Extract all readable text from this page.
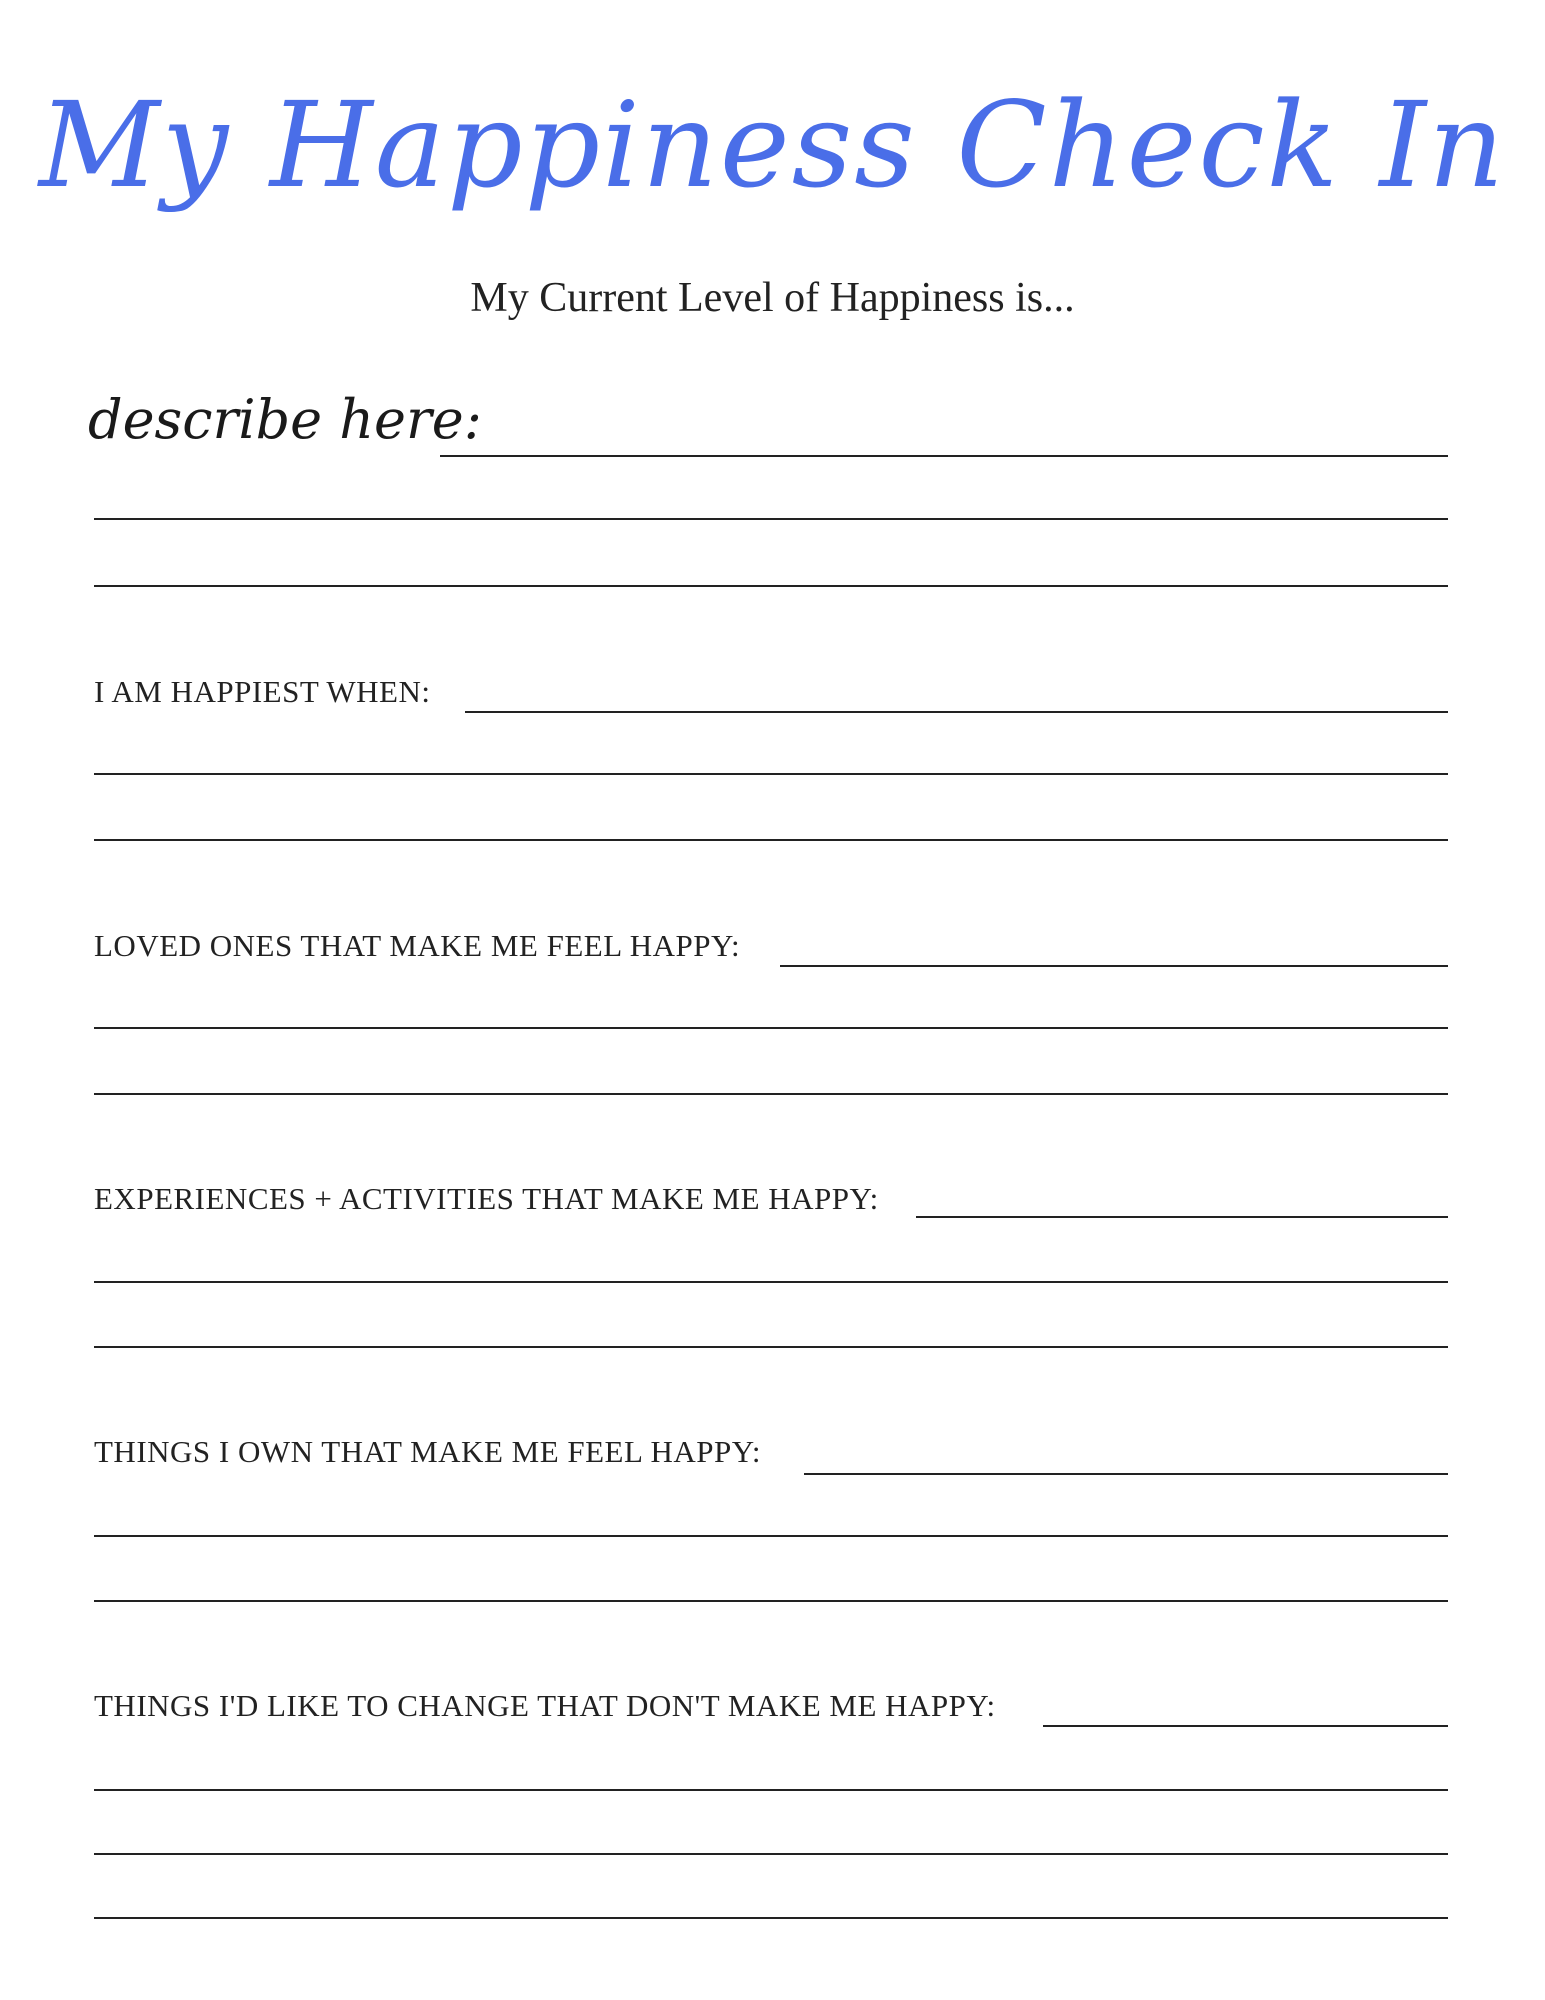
My Happiness Check In
My Current Level of Happiness is...
describe here:
I AM HAPPIEST WHEN:
LOVED ONES THAT MAKE ME FEEL HAPPY:
EXPERIENCES + ACTIVITIES THAT MAKE ME HAPPY:
THINGS I OWN THAT MAKE ME FEEL HAPPY:
THINGS I'D LIKE TO CHANGE THAT DON'T MAKE ME HAPPY:
